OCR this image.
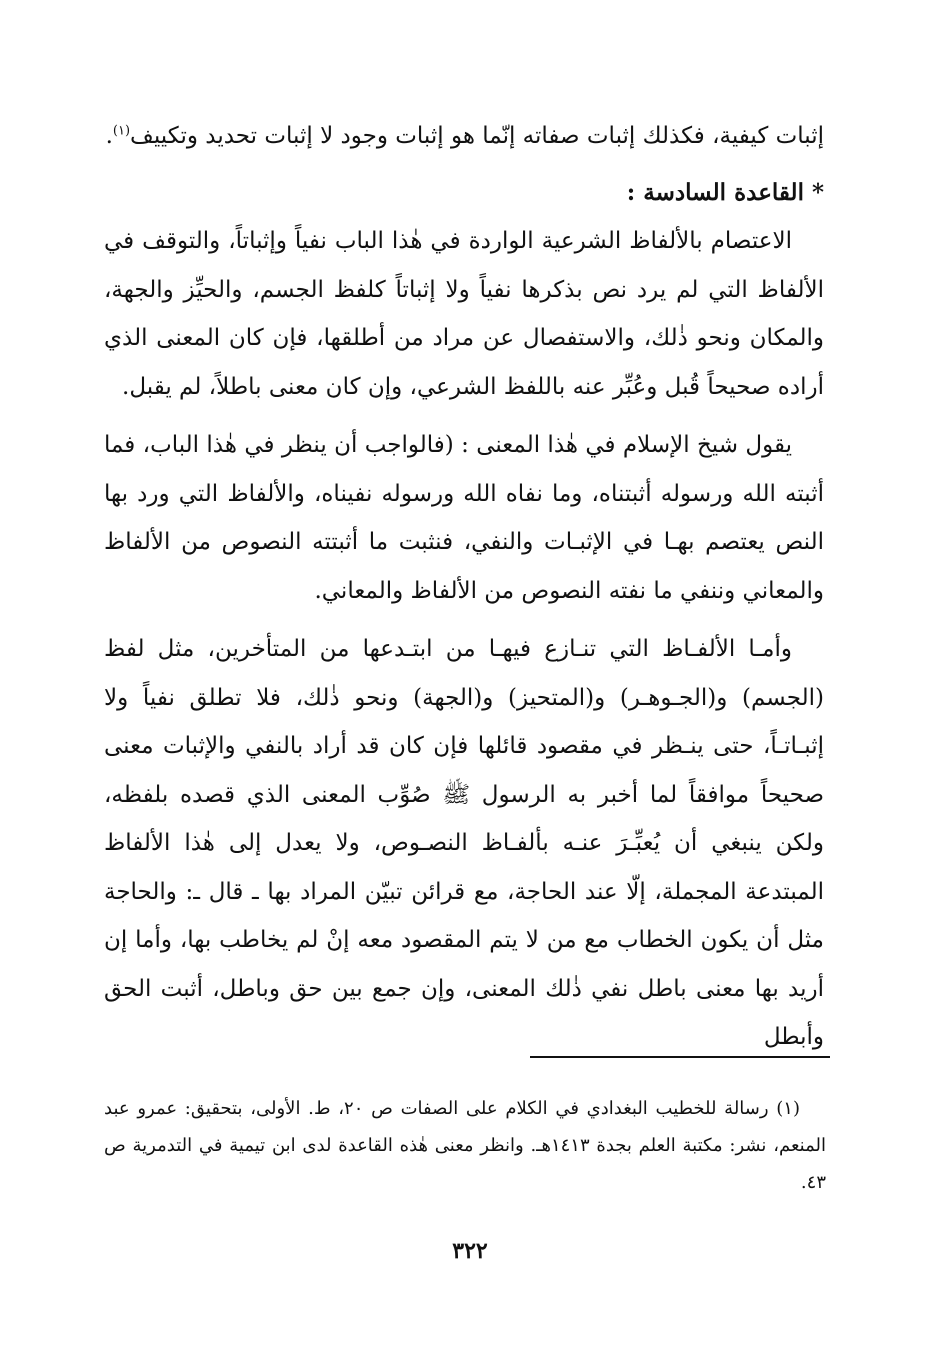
إثبات كيفية، فكذلك إثبات صفاته إنّما هو إثبات وجود لا إثبات تحديد وتكييف$^{(١)}$.

* القاعدة السادسة :

الاعتصام بالألفاظ الشرعية الواردة في هٰذا الباب نفياً وإثباتاً، والتوقف في الألفاظ التي لم يرد نص بذكرها نفياً ولا إثباتاً كلفظ الجسم، والحيِّز والجهة، والمكان ونحو ذٰلك، والاستفصال عن مراد من أطلقها، فإن كان المعنى الذي أراده صحيحاً قُبل وعُبِّر عنه باللفظ الشرعي، وإن كان معنى باطلاً، لم يقبل.

يقول شيخ الإسلام في هٰذا المعنى : (فالواجب أن ينظر في هٰذا الباب، فما أثبته الله ورسوله أثبتناه، وما نفاه الله ورسوله نفيناه، والألفاظ التي ورد بها النص يعتصم بهـا في الإثبـات والنفي، فنثبت ما أثبتته النصوص من الألفاظ والمعاني وننفي ما نفته النصوص من الألفاظ والمعاني.

وأمـا الألفـاظ التي تنـازع فيهـا من ابتـدعها من المتأخرين، مثل لفظ (الجسم) و(الجـوهـر) و(المتحيز) و(الجهة) ونحو ذٰلك، فلا تطلق نفياً ولا إثبـاتـاً، حتى ينـظر في مقصود قائلها فإن كان قد أراد بالنفي والإثبات معنى صحيحاً موافقاً لما أخبر به الرسول ﷺ صُوِّب المعنى الذي قصده بلفظه، ولكن ينبغي أن يُعبِّـرَ عنـه بألفـاظ النصـوص، ولا يعدل إلى هٰذا الألفاظ المبتدعة المجملة، إلّا عند الحاجة، مع قرائن تبيّن المراد بها ـ قال ـ: والحاجة مثل أن يكون الخطاب مع من لا يتم المقصود معه إنْ لم يخاطب بها، وأما إن أريد بها معنى باطل نفي ذٰلك المعنى، وإن جمع بين حق وباطل، أثبت الحق وأبطل

(١) رسالة للخطيب البغدادي في الكلام على الصفات ص ٢٠، ط. الأولى، بتحقيق: عمرو عبد المنعم، نشر: مكتبة العلم بجدة ١٤١٣هـ. وانظر معنى هٰذه القاعدة لدى ابن تيمية في التدمرية ص ٤٣.

٣٢٢
